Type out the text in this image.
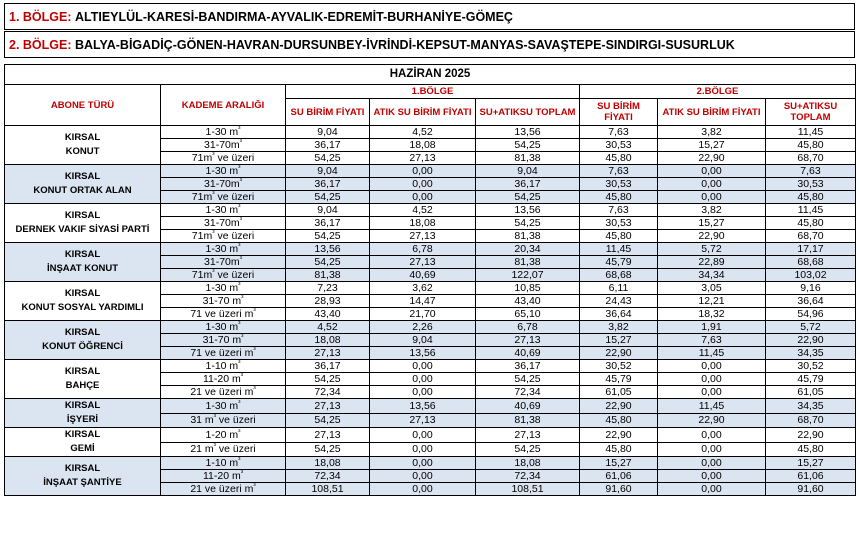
1. BÖLGE:
ALTIEYLÜL-KARESİ-BANDIRMA-AYVALIK-EDREMİT-BURHANİYE-GÖMEÇ
2. BÖLGE:
BALYA-BİGADİÇ-GÖNEN-HAVRAN-DURSUNBEY-İVRİNDİ-KEPSUT-MANYAS-SAVAŞTEPE-SINDIRGI-SUSURLUK
HAZİRAN 2025							
ABONE TÜRÜ	KADEME ARALIĞI	1.BÖLGE			2.BÖLGE		
		SU BİRİM FİYATI	ATIK SU BİRİM FİYATI	SU+ATIKSU TOPLAM	SU BİRİM FİYATI	ATIK SU BİRİM FİYATI	SU+ATIKSU TOPLAM
KIRSAL
KONUT	1-30 $m^{^3}$	9,04	4,52	13,56	7,63	3,82	11,45
	$31-70m^{^3}$	36,17	18,08	54,25	30,53	15,27	45,80
	$71m^{^3}$ ve üzeri	54,25	27,13	81,38	45,80	22,90	68,70
KIRSAL
KONUT ORTAK ALAN	1-30 $m^{^3}$	9,04	0,00	9,04	7,63	0,00	7,63
	$31-70m^{^3}$	36,17	0,00	36,17	30,53	0,00	30,53
	$71m^{^3}$ ve üzeri	54,25	0,00	54,25	45,80	0,00	45,80
KIRSAL
DERNEK VAKIF SİYASİ PARTİ	1-30 $m^{^3}$	9,04	4,52	13,56	7,63	3,82	11,45
	$31-70m^{^3}$	36,17	18,08	54,25	30,53	15,27	45,80
	$71m^{^3}$ ve üzeri	54,25	27,13	81,38	45,80	22,90	68,70
KIRSAL
İNŞAAT KONUT	1-30 $m^{^3}$	13,56	6,78	20,34	11,45	5,72	17,17
	$31-70m^{^3}$	54,25	27,13	81,38	45,79	22,89	68,68
	$71m^{^3}$ ve üzeri	81,38	40,69	122,07	68,68	34,34	103,02
KIRSAL
KONUT SOSYAL YARDIMLI	1-30 $m^{^3}$	7,23	3,62	10,85	6,11	3,05	9,16
	31-70 $m^{^3}$	28,93	14,47	43,40	24,43	12,21	36,64
	71 ve üzeri $m^{^3}$	43,40	21,70	65,10	36,64	18,32	54,96
KIRSAL
KONUT ÖĞRENCİ	1-30 $m^{^3}$	4,52	2,26	6,78	3,82	1,91	5,72
	31-70 $m^{^3}$	18,08	9,04	27,13	15,27	7,63	22,90
	71 ve üzeri $m^{^3}$	27,13	13,56	40,69	22,90	11,45	34,35
KIRSAL
BAHÇE	1-10 $m^{^3}$	36,17	0,00	36,17	30,52	0,00	30,52
	11-20 $m^{^3}$	54,25	0,00	54,25	45,79	0,00	45,79
	21 ve üzeri $m^{^3}$	72,34	0,00	72,34	61,05	0,00	61,05
KIRSAL
İŞYERİ	1-30 $m^{^3}$	27,13	13,56	40,69	22,90	11,45	34,35
	31 $m^{^3}$ ve üzeri	54,25	27,13	81,38	45,80	22,90	68,70
KIRSAL
GEMİ	1-20 $m^{^3}$	27,13	0,00	27,13	22,90	0,00	22,90
	21 $m^{^3}$ ve üzeri	54,25	0,00	54,25	45,80	0,00	45,80
KIRSAL
İNŞAAT ŞANTİYE	1-10 $m^{^3}$	18,08	0,00	18,08	15,27	0,00	15,27
	11-20 $m^{^3}$	72,34	0,00	72,34	61,06	0,00	61,06
	21 ve üzeri $m^{^3}$	108,51	0,00	108,51	91,60	0,00	91,60
